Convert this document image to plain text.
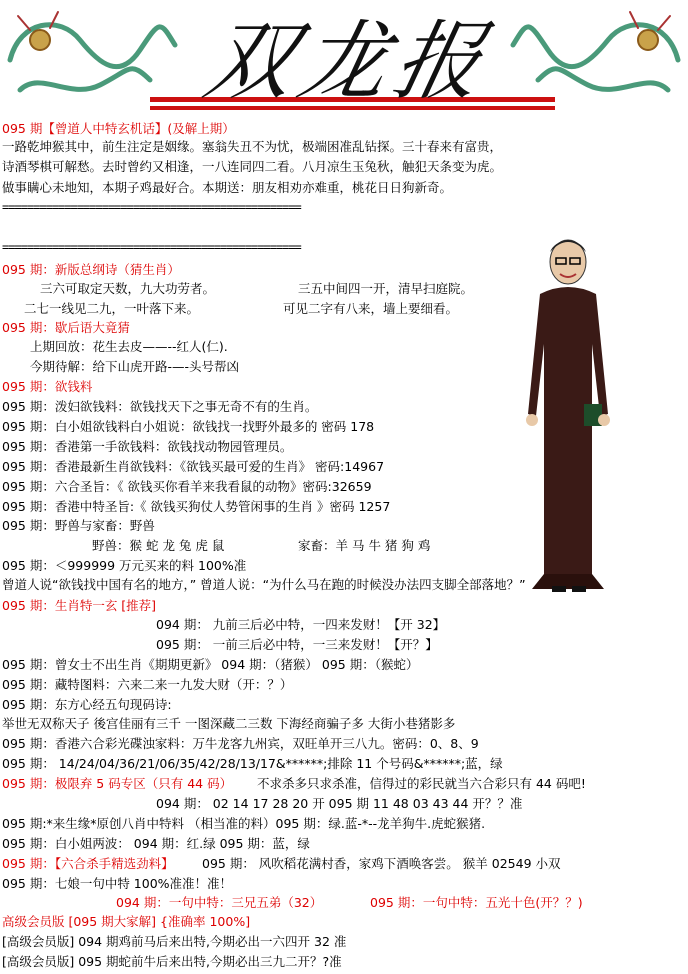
双龙报
095 期【曾道人中特玄机话】(及解上期）
一路乾坤猴其中，前生注定是姻缘。塞翁失丑不为忧，极端困准乱钻探。三十春来有富贵，
诗酒琴棋可解愁。去时曾约又相逢，一八连同四二看。八月凉生玉兔秋，触犯天条变为虎。
做事瞒心未地知，本期子鸡最好合。本期送：朋友相劝亦难重，桃花日日狗新奇。
================================================
================================================
095 期：新版总纲诗（猜生肖）
三六可取定天数，九大功劳者。	三五中间四一开，清早扫庭院。
二七一线见二九，一叶落下来。	可见二字有八来，墙上要细看。
095 期：歇后语大竟猜
上期回放：花生去皮——--红人(仁).
今期待解：给下山虎开路-—-头号帮凶
095 期：欲钱料
095 期：泼妇欲钱料：欲钱找天下之事无奇不有的生肖。
095 期：白小姐欲钱料白小姐说：欲钱找一找野外最多的 密码 178
095 期：香港第一手欲钱料：欲钱找动物园管理员。
095 期：香港最新生肖欲钱料：《欲钱买最可爱的生肖》 密码:14967
095 期：六合圣旨：《 欲钱买你看羊来我看鼠的动物》密码:32659
095 期：香港中特圣旨:《 欲钱买狗仗人势管闲事的生肖 》密码 1257
095 期：野兽与家畜：野兽
野兽：猴 蛇 龙 兔 虎 鼠	家畜：羊 马 牛 猪 狗 鸡
095 期：＜999999 万元买来的料 100%准
曾道人说“欲钱找中国有名的地方，” 曾道人说：“为什么马在跑的时候没办法四支脚全部落地？”
095 期：生肖特一玄 [推荐]
094 期： 九前三后必中特，一四来发财！【开 32】
095 期： 一前三后必中特，一三来发财！【开？】
095 期：曾女士不出生肖《期期更新》 094 期：（猪猴） 095 期：（猴蛇）
095 期：藏特图料：六来二来一九发大财（开：？）
095 期：东方心经五句现码诗:
举世无双称天子 後宫佳丽有三千 一图深藏二三数 下海经商骗子多 大街小巷猪影多
095 期：香港六合彩光碟浊家料：万牛龙客九州宾，双旺单开三八九。密码：0、8、9
095 期： 14/24/04/36/21/06/35/42/28/13/17&******;排除 11 个号码&******;蓝，绿
095 期：极限弃 5 码专区（只有 44 码） 不求杀多只求杀准，信得过的彩民就当六合彩只有 44 码吧!
094 期： 02 14 17 28 20 开 095 期 11 48 03 43 44 开？？准
095 期:*来生缘*原创八肖中特料 （相当准的料）095 期：绿.蓝-*--龙羊狗牛.虎蛇猴猪.
095 期：白小姐两波： 094 期：红.绿 095 期：蓝，绿
095 期：【六合杀手精选劲料】 095 期： 风吹稻花满村香，家鸡下酒唤客尝。 猴羊 02549 小双
095 期：七娘一句中特 100%准准！准！
094 期：一句中特：三兄五弟（32）	095 期：一句中特：五光十色(开？？)
高级会员版 [095 期大家解] {准确率 100%]
[高级会员版] 094 期鸡前马后来出特,今期必出一六四开 32 准
[高级会员版] 095 期蛇前牛后来出特,今期必出三九二开？?准
